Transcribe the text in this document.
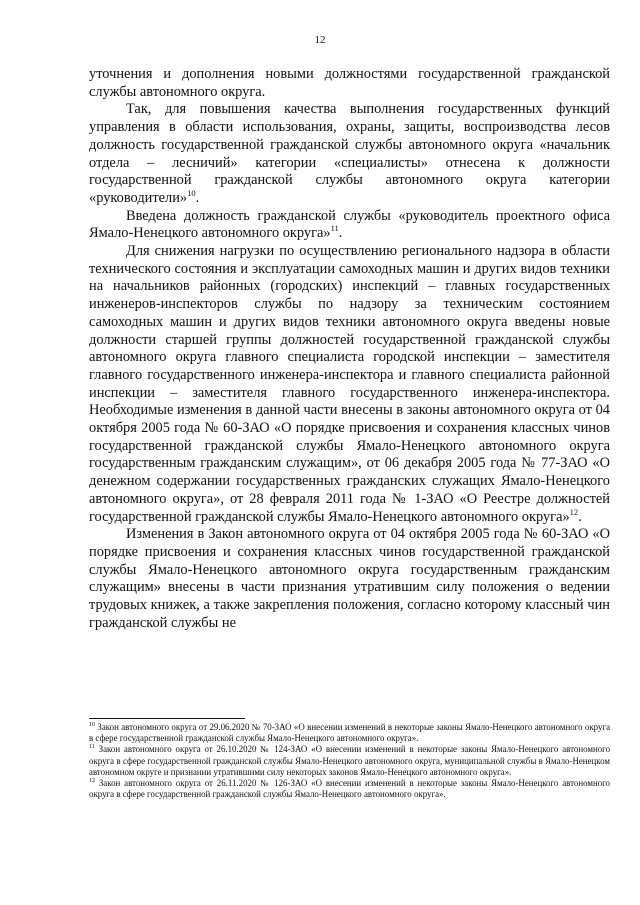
12

уточнения и дополнения новыми должностями государственной гражданской службы автономного округа.

Так, для повышения качества выполнения государственных функций управления в области использования, охраны, защиты, воспроизводства лесов должность государственной гражданской службы автономного округа «начальник отдела – лесничий» категории «специалисты» отнесена к должности государственной гражданской службы автономного округа категории «руководители»$^{10}$.

Введена должность гражданской службы «руководитель проектного офиса Ямало-Ненецкого автономного округа»$^{11}$.

Для снижения нагрузки по осуществлению регионального надзора в области технического состояния и эксплуатации самоходных машин и других видов техники на начальников районных (городских) инспекций – главных государственных инженеров-инспекторов службы по надзору за техническим состоянием самоходных машин и других видов техники автономного округа введены новые должности старшей группы должностей государственной гражданской службы автономного округа главного специалиста городской инспекции – заместителя главного государственного инженера-инспектора и главного специалиста районной инспекции – заместителя главного государственного инженера-инспектора. Необходимые изменения в данной части внесены в законы автономного округа от 04 октября 2005 года № 60-ЗАО «О порядке присвоения и сохранения классных чинов государственной гражданской службы Ямало-Ненецкого автономного округа государственным гражданским служащим», от 06 декабря 2005 года № 77-ЗАО «О денежном содержании государственных гражданских служащих Ямало-Ненецкого автономного округа», от 28 февраля 2011 года № 1-ЗАО «О Реестре должностей государственной гражданской службы Ямало-Ненецкого автономного округа»$^{12}$.

Изменения в Закон автономного округа от 04 октября 2005 года № 60-ЗАО «О порядке присвоения и сохранения классных чинов государственной гражданской службы Ямало-Ненецкого автономного округа государственным гражданским служащим» внесены в части признания утратившим силу положения о ведении трудовых книжек, а также закрепления положения, согласно которому классный чин гражданской службы не

$^{10}$ Закон автономного округа от 29.06.2020 № 70-ЗАО «О внесении изменений в некоторые законы Ямало-Ненецкого автономного округа в сфере государственной гражданской службы Ямало-Ненецкого автономного округа».

$^{11}$ Закон автономного округа от 26.10.2020 № 124-ЗАО «О внесении изменений в некоторые законы Ямало-Ненецкого автономного округа в сфере государственной гражданской службы Ямало-Ненецкого автономного округа, муниципальной службы в Ямало-Ненецком автономном округе и признании утратившими силу некоторых законов Ямало-Ненецкого автономного округа».

$^{12}$ Закон автономного округа от 26.11.2020 № 126-ЗАО «О внесении изменений в некоторые законы Ямало-Ненецкого автономного округа в сфере государственной гражданской службы Ямало-Ненецкого автономного округа».
